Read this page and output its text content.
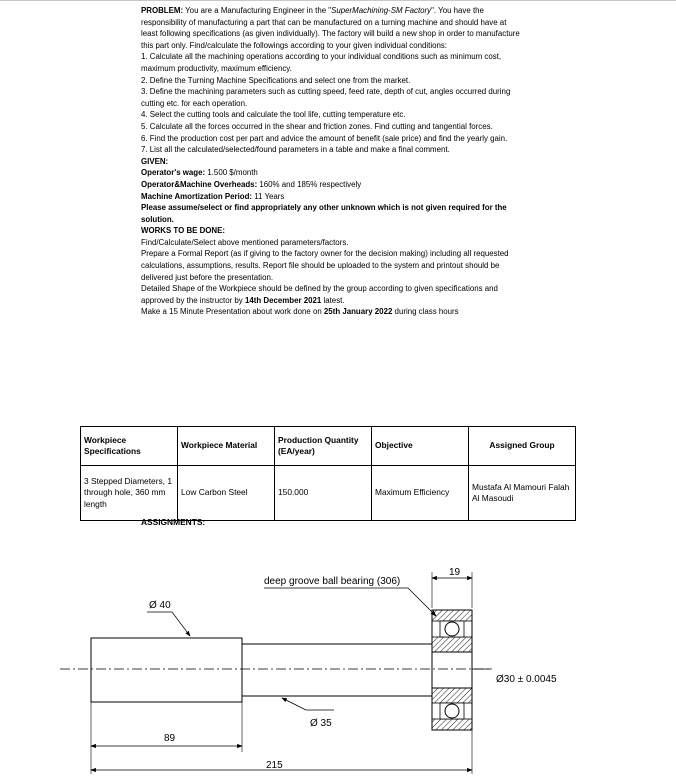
PROBLEM: You are a Manufacturing Engineer in the "SuperMachining-SM Factory". You have the responsibility of manufacturing a part that can be manufactured on a turning machine and should have at least following specifications (as given individually). The factory will build a new shop in order to manufacture this part only. Find/calculate the followings according to your given individual conditions:

1. Calculate all the machining operations according to your individual conditions such as minimum cost, maximum productivity, maximum efficiency.

2. Define the Turning Machine Specifications and select one from the market.

3. Define the machining parameters such as cutting speed, feed rate, depth of cut, angles occurred during cutting etc. for each operation.

4. Select the cutting tools and calculate the tool life, cutting temperature etc.

5. Calculate all the forces occurred in the shear and friction zones. Find cutting and tangential forces.

6. Find the production cost per part and advice the amount of benefit (sale price) and find the yearly gain.

7. List all the calculated/selected/found parameters in a table and make a final comment.

GIVEN:

Operator's wage: 1.500 $/month

Operator&Machine Overheads: 160% and 185% respectively

Machine Amortization Period: 11 Years

Please assume/select or find appropriately any other unknown which is not given required for the solution.

WORKS TO BE DONE:

Find/Calculate/Select above mentioned parameters/factors.

Prepare a Formal Report (as if giving to the factory owner for the decision making) including all requested calculations, assumptions, results. Report file should be uploaded to the system and printout should be delivered just before the presentation.

Detailed Shape of the Workpiece should be defined by the group according to given specifications and approved by the instructor by 14th December 2021 latest.

Make a 15 Minute Presentation about work done on 25th January 2022 during class hours

Workpiece Specifications	Workpiece Material	Production Quantity (EA/year)	Objective	Assigned Group
3 Stepped Diameters, 1 through hole, 360 mm length	Low Carbon Steel	150.000	Maximum Efficiency	Mustafa Al Mamouri Falah Al Masoudi
ASSIGNMENTS:
deep groove ball bearing (306)
19
Ø 40
Ø 35
Ø30 ± 0.0045
89
215
